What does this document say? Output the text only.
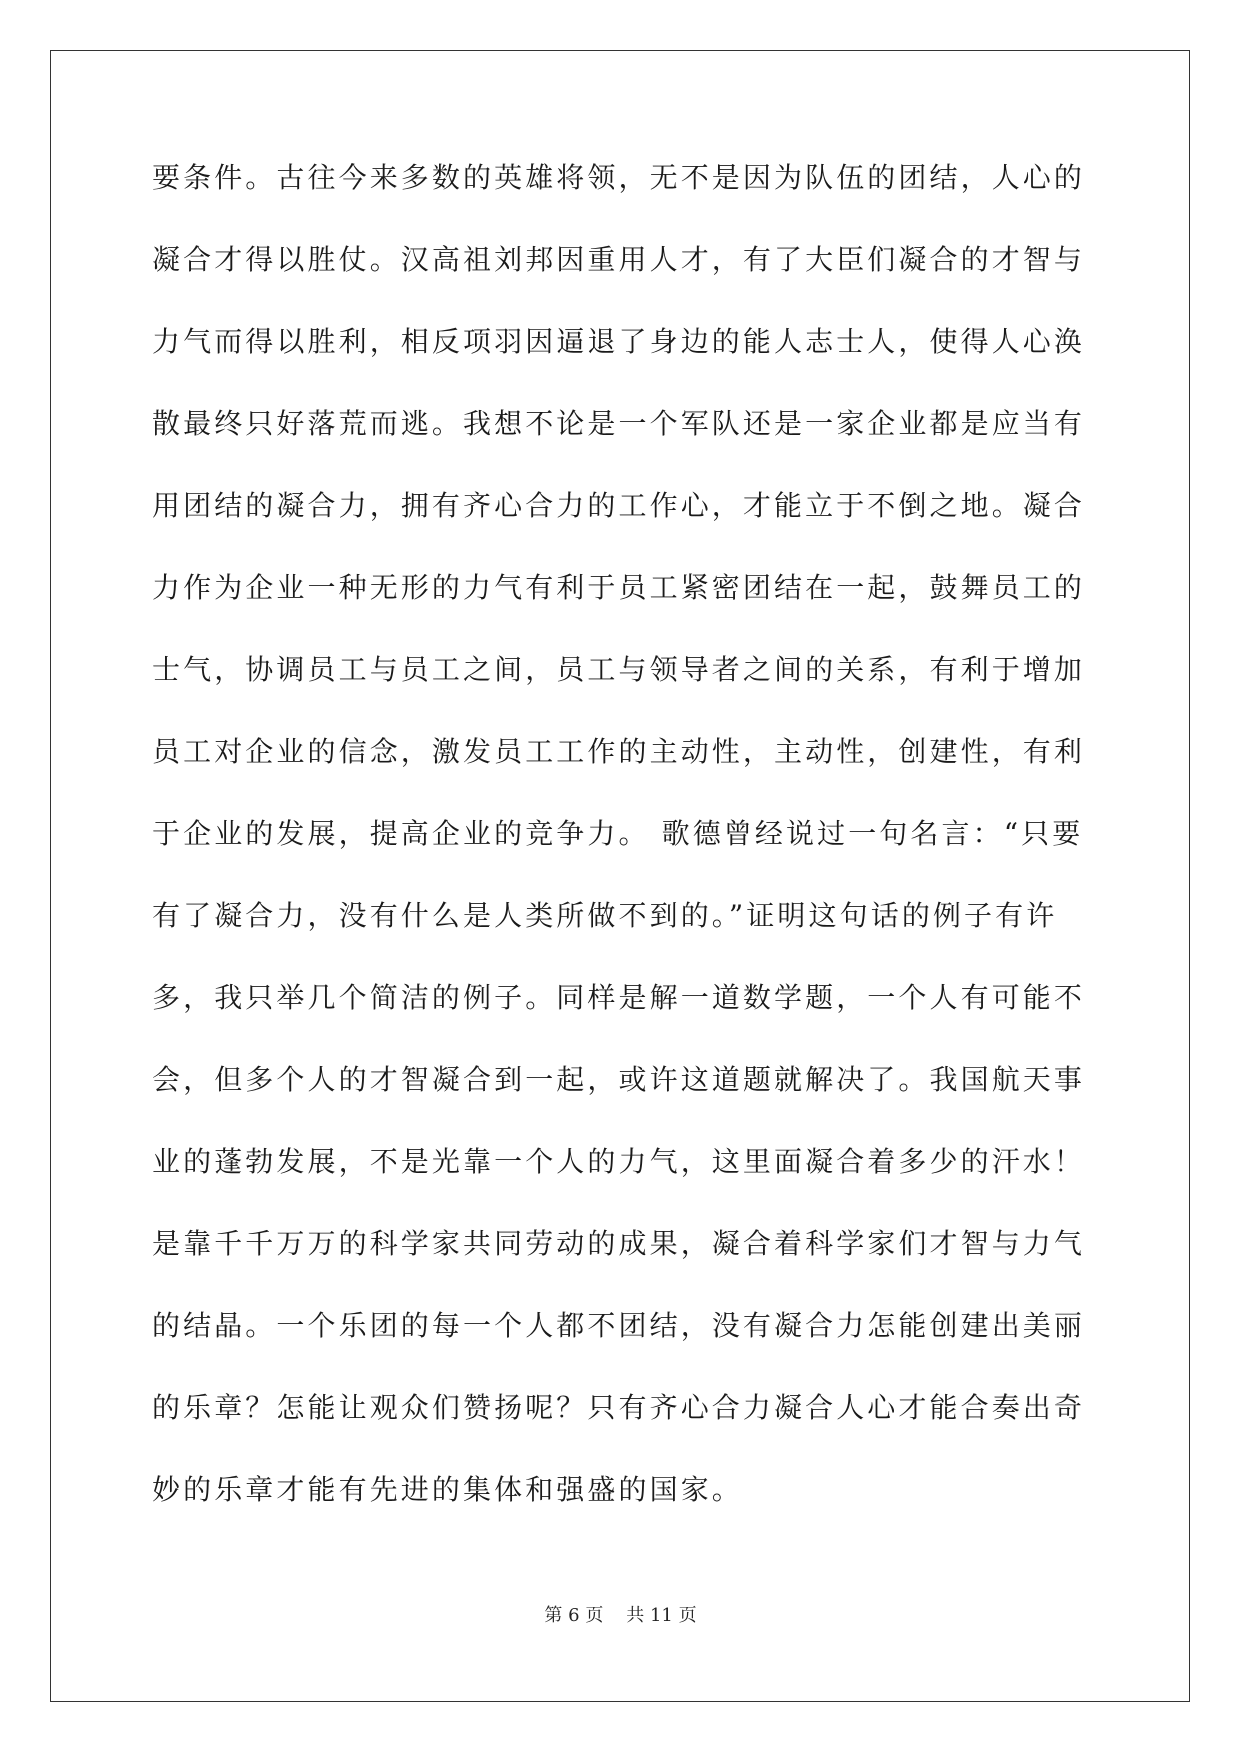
要条件。古往今来多数的英雄将领，无不是因为队伍的团结，人心的
凝合才得以胜仗。汉高祖刘邦因重用人才，有了大臣们凝合的才智与
力气而得以胜利，相反项羽因逼退了身边的能人志士人，使得人心涣
散最终只好落荒而逃。我想不论是一个军队还是一家企业都是应当有
用团结的凝合力，拥有齐心合力的工作心，才能立于不倒之地。凝合
力作为企业一种无形的力气有利于员工紧密团结在一起，鼓舞员工的
士气，协调员工与员工之间，员工与领导者之间的关系，有利于增加
员工对企业的信念，激发员工工作的主动性，主动性，创建性，有利
于企业的发展，提高企业的竞争力。 歌德曾经说过一句名言：“只要
有了凝合力，没有什么是人类所做不到的。”证明这句话的例子有许
多，我只举几个简洁的例子。同样是解一道数学题，一个人有可能不
会，但多个人的才智凝合到一起，或许这道题就解决了。我国航天事
业的蓬勃发展，不是光靠一个人的力气，这里面凝合着多少的汗水！
是靠千千万万的科学家共同劳动的成果，凝合着科学家们才智与力气
的结晶。一个乐团的每一个人都不团结，没有凝合力怎能创建出美丽
的乐章？怎能让观众们赞扬呢？只有齐心合力凝合人心才能合奏出奇
妙的乐章才能有先进的集体和强盛的国家。
第 6 页 共 11 页
